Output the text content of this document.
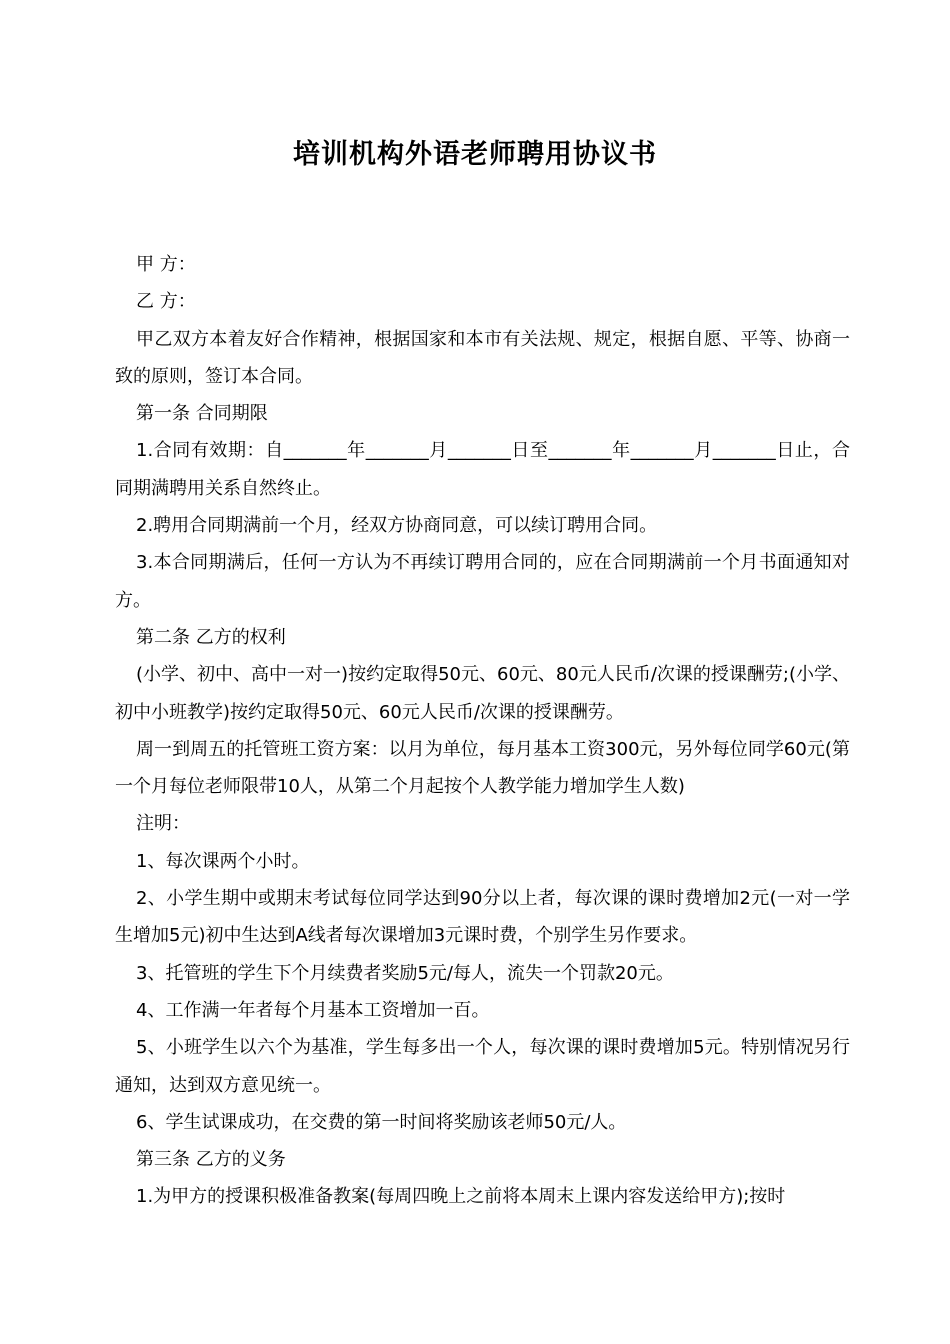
培训机构外语老师聘用协议书

甲 方：

乙 方：

甲乙双方本着友好合作精神，根据国家和本市有关法规、规定，根据自愿、平等、协商一致的原则，签订本合同。

第一条 合同期限

1.合同有效期：自_______年_______月_______日至_______年_______月_______日止，合同期满聘用关系自然终止。

2.聘用合同期满前一个月，经双方协商同意，可以续订聘用合同。

3.本合同期满后，任何一方认为不再续订聘用合同的，应在合同期满前一个月书面通知对方。

第二条 乙方的权利

(小学、初中、高中一对一)按约定取得50元、60元、80元人民币/次课的授课酬劳;(小学、初中小班教学)按约定取得50元、60元人民币/次课的授课酬劳。

周一到周五的托管班工资方案：以月为单位，每月基本工资300元，另外每位同学60元(第一个月每位老师限带10人，从第二个月起按个人教学能力增加学生人数)

注明：

1、每次课两个小时。

2、小学生期中或期末考试每位同学达到90分以上者，每次课的课时费增加2元(一对一学生增加5元)初中生达到A线者每次课增加3元课时费，个别学生另作要求。

3、托管班的学生下个月续费者奖励5元/每人，流失一个罚款20元。

4、工作满一年者每个月基本工资增加一百。

5、小班学生以六个为基准，学生每多出一个人，每次课的课时费增加5元。特别情况另行通知，达到双方意见统一。

6、学生试课成功，在交费的第一时间将奖励该老师50元/人。

第三条 乙方的义务

1.为甲方的授课积极准备教案(每周四晚上之前将本周末上课内容发送给甲方);按时
